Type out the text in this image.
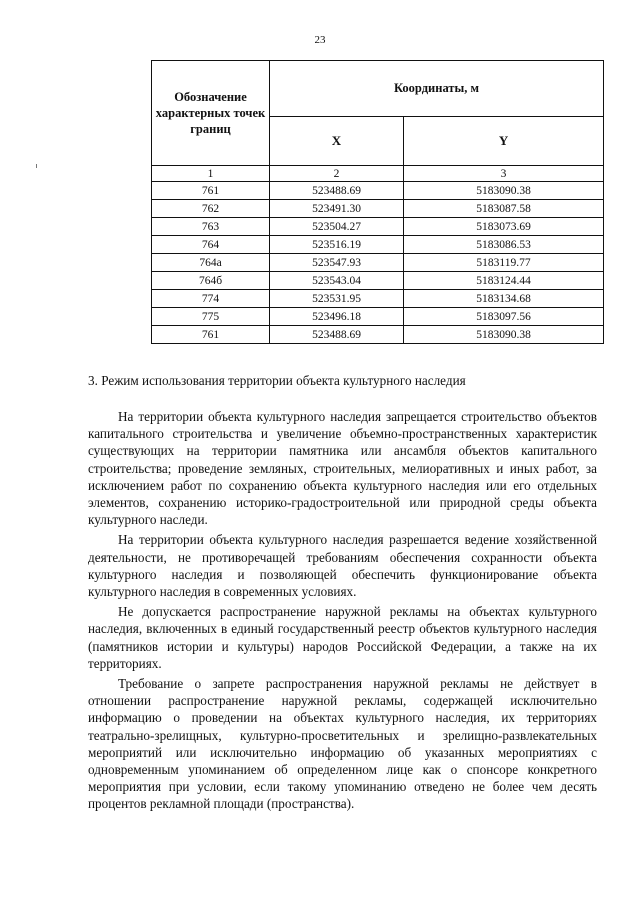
23
Обозначение характерных точек границ	Координаты, м	
	X	Y
1	2	3
761	523488.69	5183090.38
762	523491.30	5183087.58
763	523504.27	5183073.69
764	523516.19	5183086.53
764а	523547.93	5183119.77
764б	523543.04	5183124.44
774	523531.95	5183134.68
775	523496.18	5183097.56
761	523488.69	5183090.38
3. Режим использования территории объекта культурного наследия

На территории объекта культурного наследия запрещается строительство объектов капитального строительства и увеличение объемно-пространственных характеристик существующих на территории памятника или ансамбля объектов капитального строительства; проведение земляных, строительных, мелиоративных и иных работ, за исключением работ по сохранению объекта культурного наследия или его отдельных элементов, сохранению историко-градостроительной или природной среды объекта культурного наследи.

На территории объекта культурного наследия разрешается ведение хозяйственной деятельности, не противоречащей требованиям обеспечения сохранности объекта культурного наследия и позволяющей обеспечить функционирование объекта культурного наследия в современных условиях.

Не допускается распространение наружной рекламы на объектах культурного наследия, включенных в единый государственный реестр объектов культурного наследия (памятников истории и культуры) народов Российской Федерации, а также на их территориях.

Требование о запрете распространения наружной рекламы не действует в отношении распространение наружной рекламы, содержащей исключительно информацию о проведении на объектах культурного наследия, их территориях театрально-зрелищных, культурно-просветительных и зрелищно-развлекательных мероприятий или исключительно информацию об указанных мероприятиях с одновременным упоминанием об определенном лице как о спонсоре конкретного мероприятия при условии, если такому упоминанию отведено не более чем десять процентов рекламной площади (пространства).
